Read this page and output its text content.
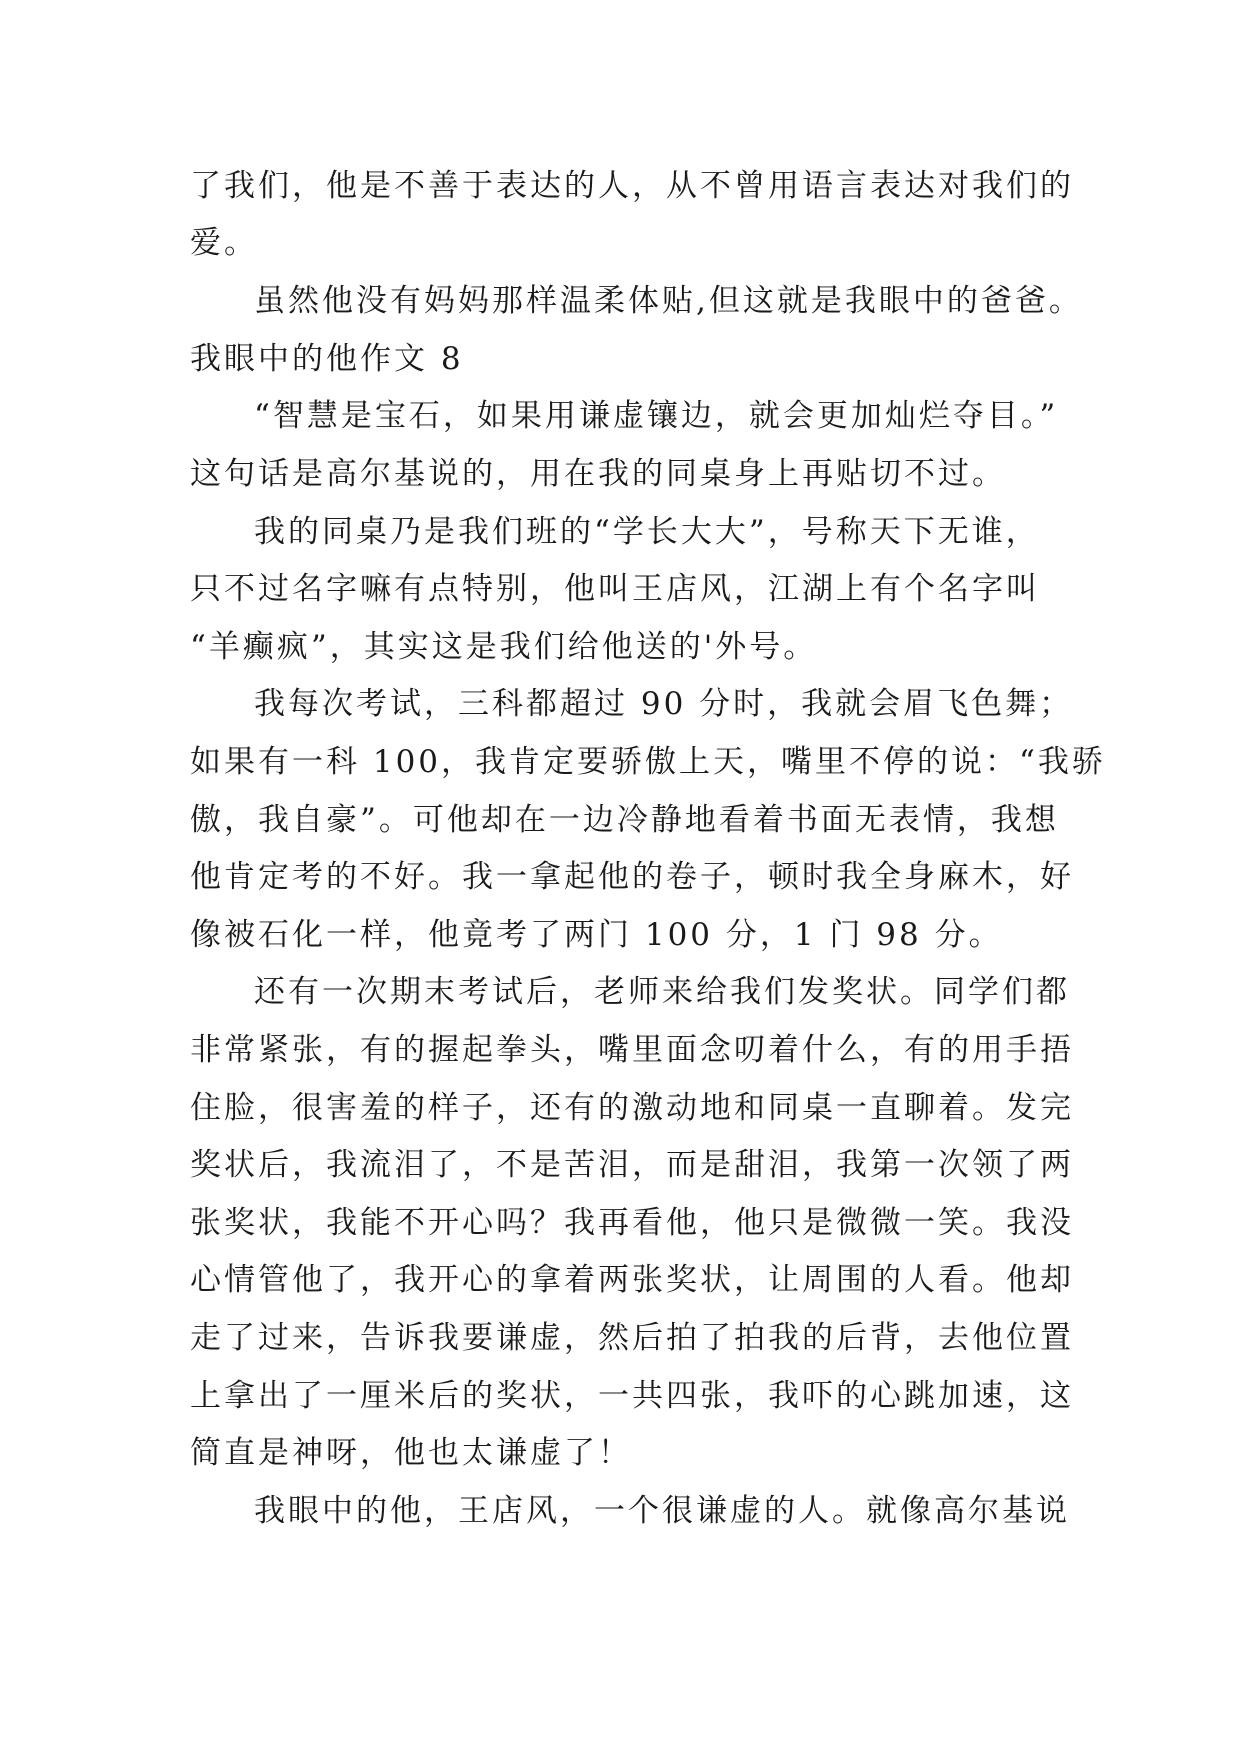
了我们，他是不善于表达的人，从不曾用语言表达对我们的
爱。
虽然他没有妈妈那样温柔体贴,但这就是我眼中的爸爸。
我眼中的他作文 8
“智慧是宝石，如果用谦虚镶边，就会更加灿烂夺目。”
这句话是高尔基说的，用在我的同桌身上再贴切不过。
我的同桌乃是我们班的“学长大大”，号称天下无谁，
只不过名字嘛有点特别，他叫王店风，江湖上有个名字叫
“羊癫疯”，其实这是我们给他送的'外号。
我每次考试，三科都超过 90 分时，我就会眉飞色舞；
如果有一科 100，我肯定要骄傲上天，嘴里不停的说：“我骄
傲，我自豪”。可他却在一边冷静地看着书面无表情，我想
他肯定考的不好。我一拿起他的卷子，顿时我全身麻木，好
像被石化一样，他竟考了两门 100 分，1 门 98 分。
还有一次期末考试后，老师来给我们发奖状。同学们都
非常紧张，有的握起拳头，嘴里面念叨着什么，有的用手捂
住脸，很害羞的样子，还有的激动地和同桌一直聊着。发完
奖状后，我流泪了，不是苦泪，而是甜泪，我第一次领了两
张奖状，我能不开心吗？我再看他，他只是微微一笑。我没
心情管他了，我开心的拿着两张奖状，让周围的人看。他却
走了过来，告诉我要谦虚，然后拍了拍我的后背，去他位置
上拿出了一厘米后的奖状，一共四张，我吓的心跳加速，这
简直是神呀，他也太谦虚了！
我眼中的他，王店风，一个很谦虚的人。就像高尔基说
